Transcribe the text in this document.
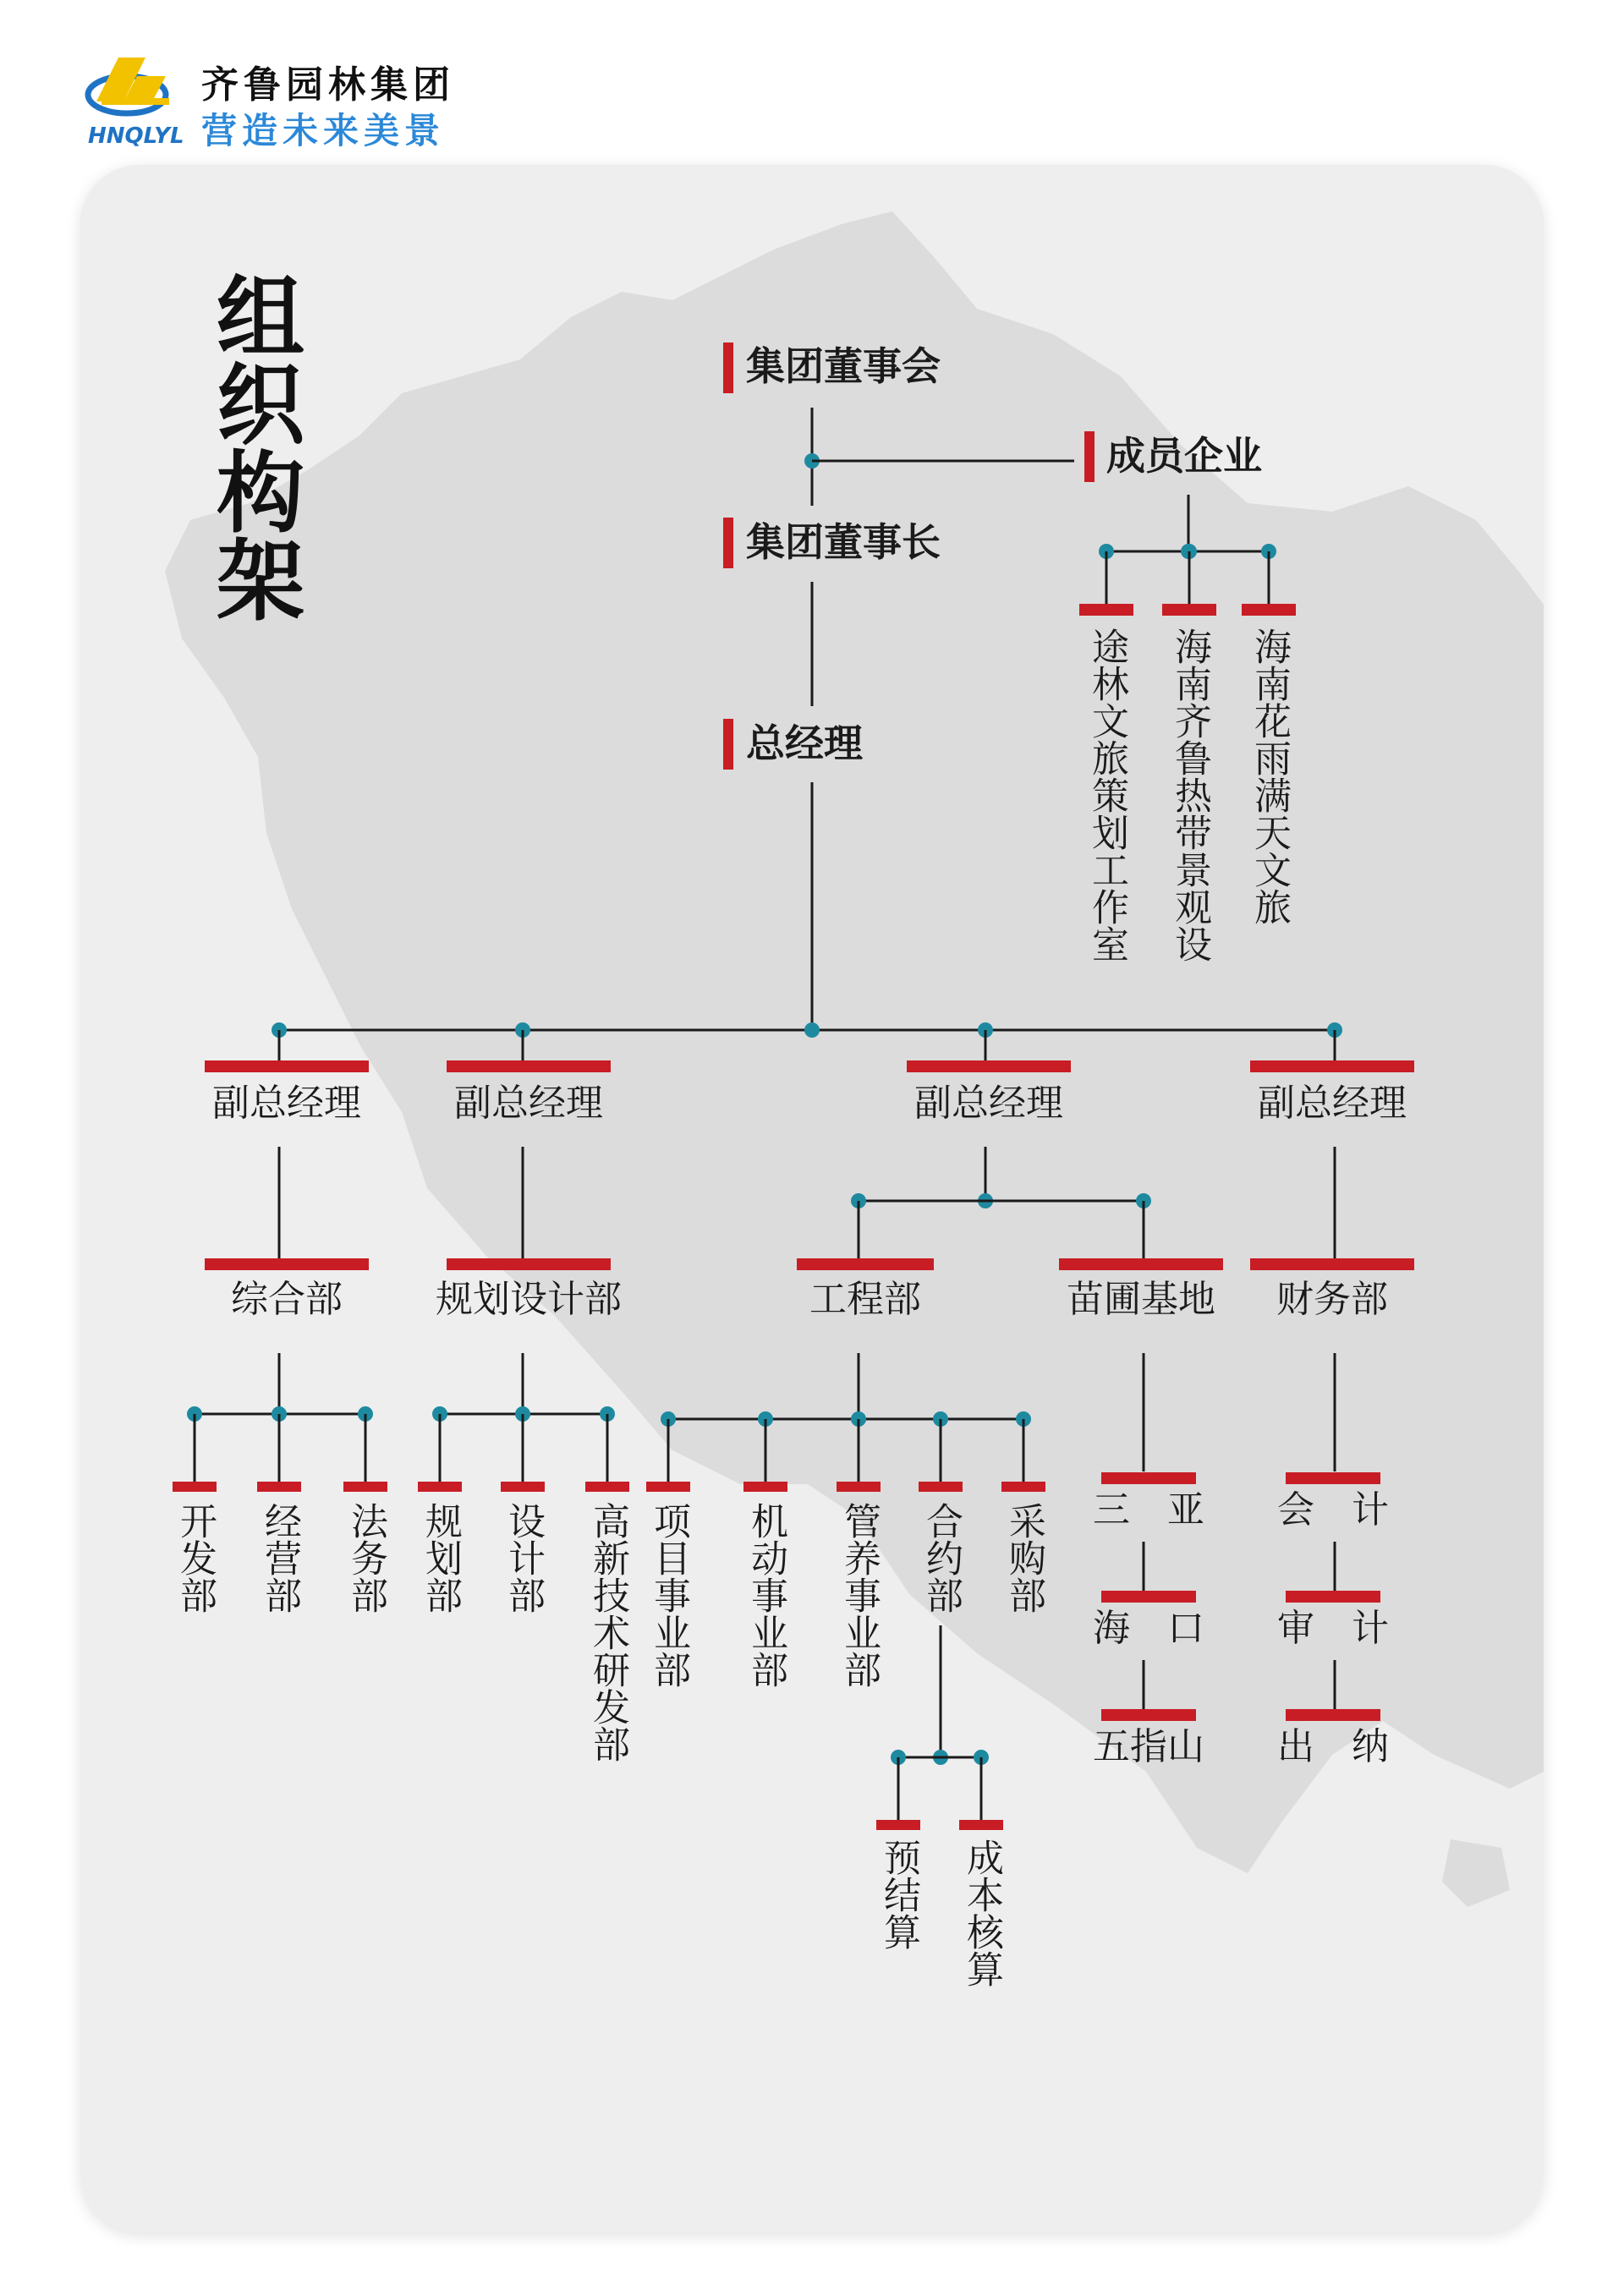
齐鲁园林集团
营造未来美景
HNQLYL
组织构架	集团董事会
成员企业
集团董事长
总经理	途林文旅策划工作室 海南齐鲁热带景观设 海南花雨满天文旅
副总经理	副总经理	副总经理	副总经理
综合部
开发部 经营部 法务部
规划设计部
规划部 设计部 高新技术研发部
工程部	苗圃基地
项目事业部 机动事业部 管养事业部 合约部 采购部
预结算 成本核算
三　亚
海　口
五指山
财务部
会　计
审　计
出　纳
